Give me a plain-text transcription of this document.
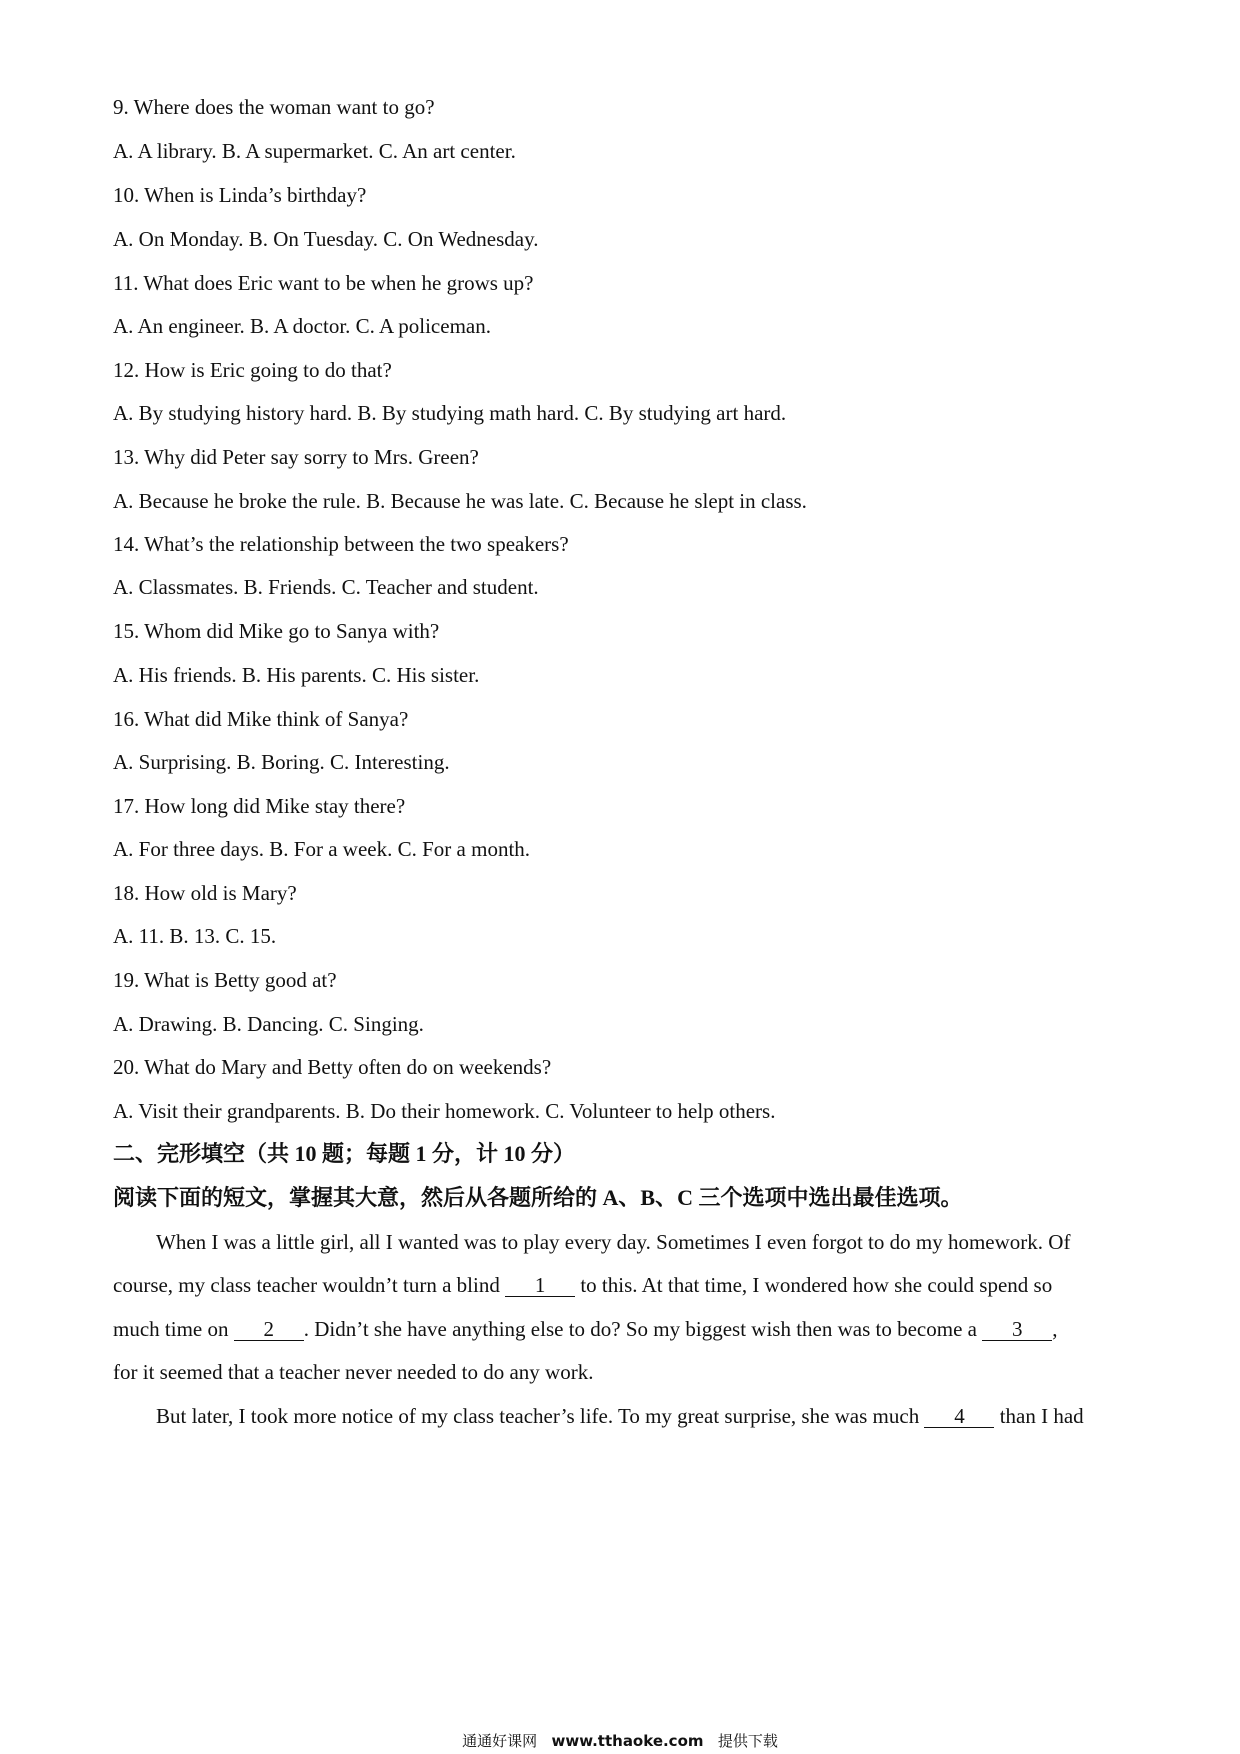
9. Where does the woman want to go?
A. A library. B. A supermarket. C. An art center.
10. When is Linda’s birthday?
A. On Monday. B. On Tuesday. C. On Wednesday.
11. What does Eric want to be when he grows up?
A. An engineer. B. A doctor. C. A policeman.
12. How is Eric going to do that?
A. By studying history hard. B. By studying math hard. C. By studying art hard.
13. Why did Peter say sorry to Mrs. Green?
A. Because he broke the rule. B. Because he was late. C. Because he slept in class.
14. What’s the relationship between the two speakers?
A. Classmates. B. Friends. C. Teacher and student.
15. Whom did Mike go to Sanya with?
A. His friends. B. His parents. C. His sister.
16. What did Mike think of Sanya?
A. Surprising. B. Boring. C. Interesting.
17. How long did Mike stay there?
A. For three days. B. For a week. C. For a month.
18. How old is Mary?
A. 11. B. 13. C. 15.
19. What is Betty good at?
A. Drawing. B. Dancing. C. Singing.
20. What do Mary and Betty often do on weekends?
A. Visit their grandparents. B. Do their homework. C. Volunteer to help others.
二、完形填空（共 10 题；每题 1 分，计 10 分）
阅读下面的短文，掌握其大意，然后从各题所给的 A、B、C 三个选项中选出最佳选项。
When I was a little girl, all I wanted was to play every day. Sometimes I even forgot to do my homework. Of
course, my class teacher wouldn’t turn a blind 1 to this. At that time, I wondered how she could spend so
much time on 2 . Didn’t she have anything else to do? So my biggest wish then was to become a 3 ,
for it seemed that a teacher never needed to do any work.
But later, I took more notice of my class teacher’s life. To my great surprise, she was much 4 than I had
通通好课网 www.tthaoke.com 提供下载
